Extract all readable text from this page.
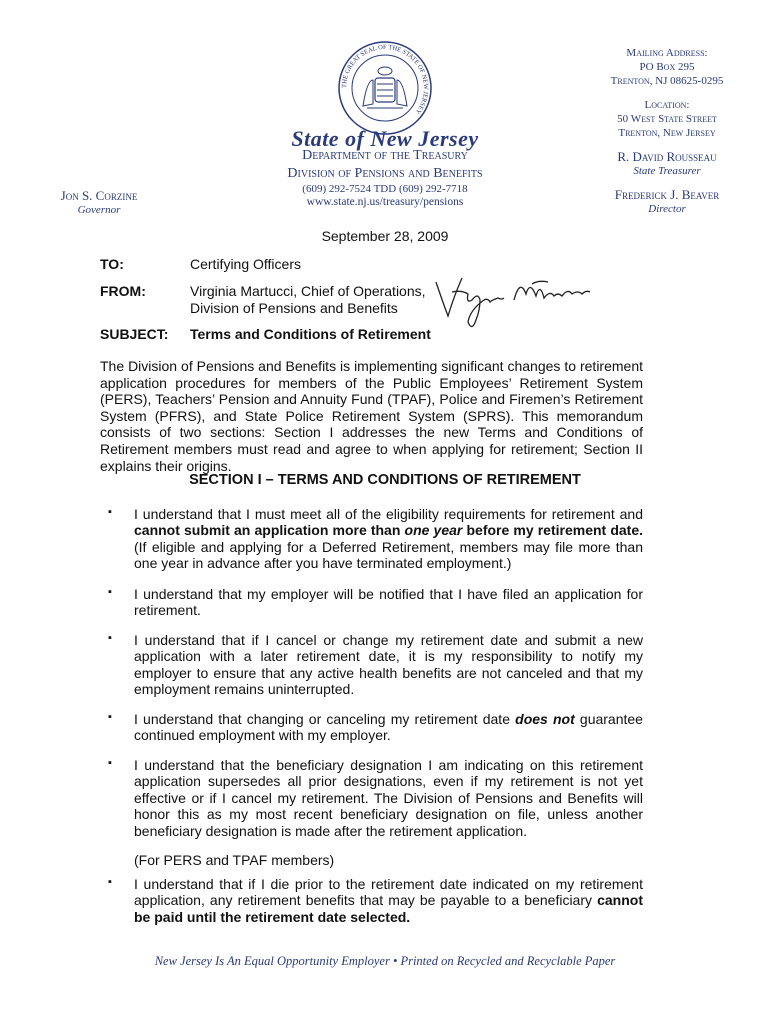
THE GREAT SEAL OF THE STATE OF NEW JERSEY
State of New Jersey
Department of the Treasury
Division of Pensions and Benefits
(609) 292-7524 TDD (609) 292-7718
www.state.nj.us/treasury/pensions
Jon S. Corzine
Governor
Mailing Address:
PO Box 295
Trenton, NJ 08625-0295
Location:
50 West State Street
Trenton, New Jersey
R. David Rousseau
State Treasurer
Frederick J. Beaver
Director
September 28, 2009
TO:	Certifying Officers
FROM:	Virginia Martucci, Chief of Operations,
Division of Pensions and Benefits
SUBJECT: Terms and Conditions of Retirement
The Division of Pensions and Benefits is implementing significant changes to retirement application procedures for members of the Public Employees’ Retirement System (PERS), Teachers’ Pension and Annuity Fund (TPAF), Police and Firemen’s Retirement System (PFRS), and State Police Retirement System (SPRS). This memorandum consists of two sections: Section I addresses the new Terms and Conditions of Retirement members must read and agree to when applying for retirement; Section II explains their origins.
SECTION I – TERMS AND CONDITIONS OF RETIREMENT
▪ I understand that I must meet all of the eligibility requirements for retirement and cannot submit an application more than one year before my retirement date. (If eligible and applying for a Deferred Retirement, members may file more than one year in advance after you have terminated employment.)
▪ I understand that my employer will be notified that I have filed an application for retirement.
▪ I understand that if I cancel or change my retirement date and submit a new application with a later retirement date, it is my responsibility to notify my employer to ensure that any active health benefits are not canceled and that my employment remains uninterrupted.
▪ I understand that changing or canceling my retirement date does not guarantee continued employment with my employer.
▪ I understand that the beneficiary designation I am indicating on this retirement application supersedes all prior designations, even if my retirement is not yet effective or if I cancel my retirement. The Division of Pensions and Benefits will honor this as my most recent beneficiary designation on file, unless another beneficiary designation is made after the retirement application.
(For PERS and TPAF members)
▪ I understand that if I die prior to the retirement date indicated on my retirement application, any retirement benefits that may be payable to a beneficiary cannot be paid until the retirement date selected.
New Jersey Is An Equal Opportunity Employer • Printed on Recycled and Recyclable Paper
